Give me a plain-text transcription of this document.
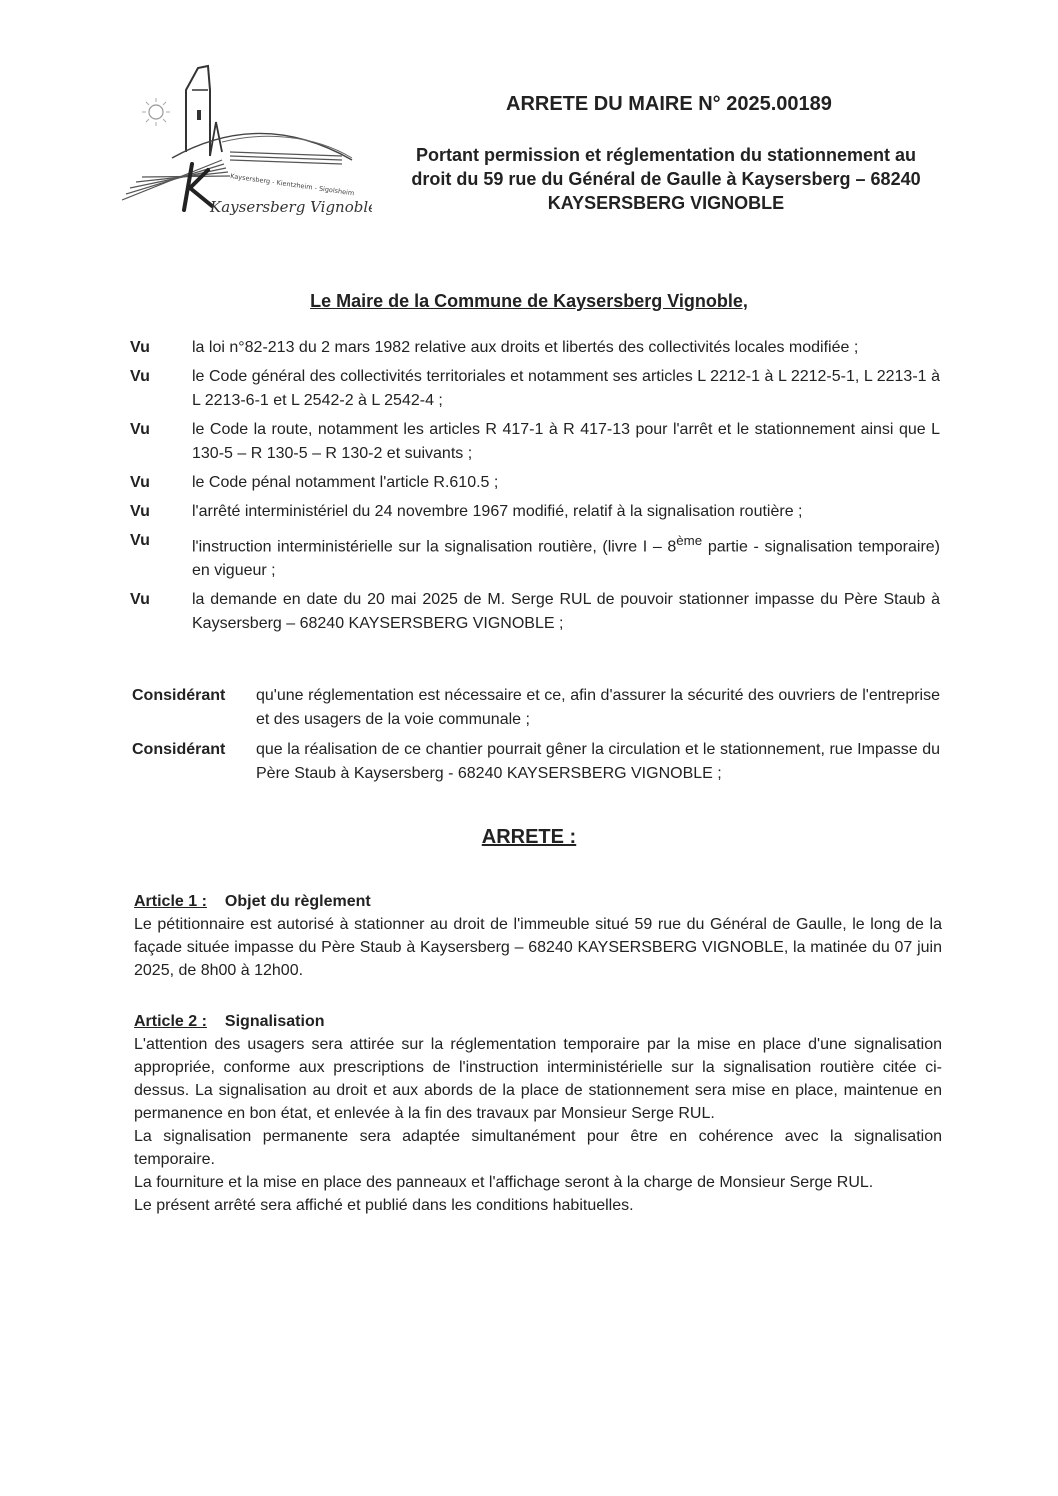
Kaysersberg - Kientzheim - Sigolsheim
Kaysersberg Vignoble
ARRETE DU MAIRE N° 2025.00189
Portant permission et réglementation du stationnement au
droit du 59 rue du Général de Gaulle à Kaysersberg – 68240
KAYSERSBERG VIGNOBLE
Le Maire de la Commune de Kaysersberg Vignoble,
Vu	la loi n°82-213 du 2 mars 1982 relative aux droits et libertés des collectivités locales modifiée ;
Vu	le Code général des collectivités territoriales et notamment ses articles L 2212-1 à L 2212-5-1, L 2213-1 à L 2213-6-1 et L 2542-2 à L 2542-4 ;
Vu	le Code la route, notamment les articles R 417-1 à R 417-13 pour l'arrêt et le stationnement ainsi que L 130-5 – R 130-5 – R 130-2 et suivants ;
Vu	le Code pénal notamment l'article R.610.5 ;
Vu	l'arrêté interministériel du 24 novembre 1967 modifié, relatif à la signalisation routière ;
Vu	l'instruction interministérielle sur la signalisation routière, (livre I – 8ème partie - signalisation temporaire) en vigueur ;
Vu	la demande en date du 20 mai 2025 de M. Serge RUL de pouvoir stationner impasse du Père Staub à Kaysersberg – 68240 KAYSERSBERG VIGNOBLE ;
Considérant	qu'une réglementation est nécessaire et ce, afin d'assurer la sécurité des ouvriers de l'entreprise et des usagers de la voie communale ;
Considérant	que la réalisation de ce chantier pourrait gêner la circulation et le stationnement, rue Impasse du Père Staub à Kaysersberg - 68240 KAYSERSBERG VIGNOBLE ;
ARRETE :
Article 1 : Objet du règlement

Le pétitionnaire est autorisé à stationner au droit de l'immeuble situé 59 rue du Général de Gaulle, le long de la façade située impasse du Père Staub à Kaysersberg – 68240 KAYSERSBERG VIGNOBLE, la matinée du 07 juin 2025, de 8h00 à 12h00.

Article 2 : Signalisation

L'attention des usagers sera attirée sur la réglementation temporaire par la mise en place d'une signalisation appropriée, conforme aux prescriptions de l'instruction interministérielle sur la signalisation routière citée ci-dessus. La signalisation au droit et aux abords de la place de stationnement sera mise en place, maintenue en permanence en bon état, et enlevée à la fin des travaux par Monsieur Serge RUL.

La signalisation permanente sera adaptée simultanément pour être en cohérence avec la signalisation temporaire.

La fourniture et la mise en place des panneaux et l'affichage seront à la charge de Monsieur Serge RUL.

Le présent arrêté sera affiché et publié dans les conditions habituelles.
